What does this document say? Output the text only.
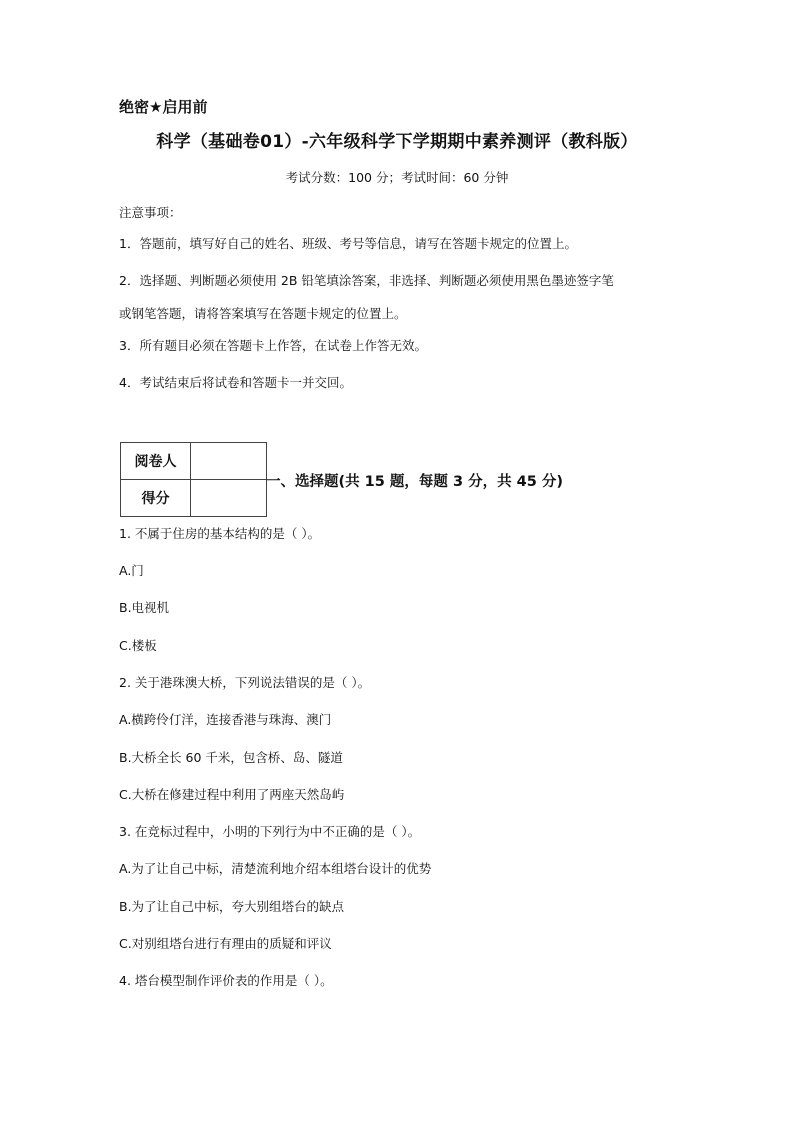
绝密★启用前
科学（基础卷01）-六年级科学下学期期中素养测评（教科版）
考试分数：100 分；考试时间：60 分钟
注意事项：
1．答题前，填写好自己的姓名、班级、考号等信息，请写在答题卡规定的位置上。
2．选择题、判断题必须使用 2B 铅笔填涂答案，非选择、判断题必须使用黑色墨迹签字笔
或钢笔答题，请将答案填写在答题卡规定的位置上。
3．所有题目必须在答题卡上作答，在试卷上作答无效。
4．考试结束后将试卷和答题卡一并交回。
阅卷人	
得分	
一、选择题(共 15 题，每题 3 分，共 45 分)
1. 不属于住房的基本结构的是（ ）。
A.门
B.电视机
C.楼板
2. 关于港珠澳大桥，下列说法错误的是（ ）。
A.横跨伶仃洋，连接香港与珠海、澳门
B.大桥全长 60 千米，包含桥、岛、隧道
C.大桥在修建过程中利用了两座天然岛屿
3. 在竞标过程中，小明的下列行为中不正确的是（ ）。
A.为了让自己中标，清楚流利地介绍本组塔台设计的优势
B.为了让自己中标，夸大别组塔台的缺点
C.对别组塔台进行有理由的质疑和评议
4. 塔台模型制作评价表的作用是（ ）。
